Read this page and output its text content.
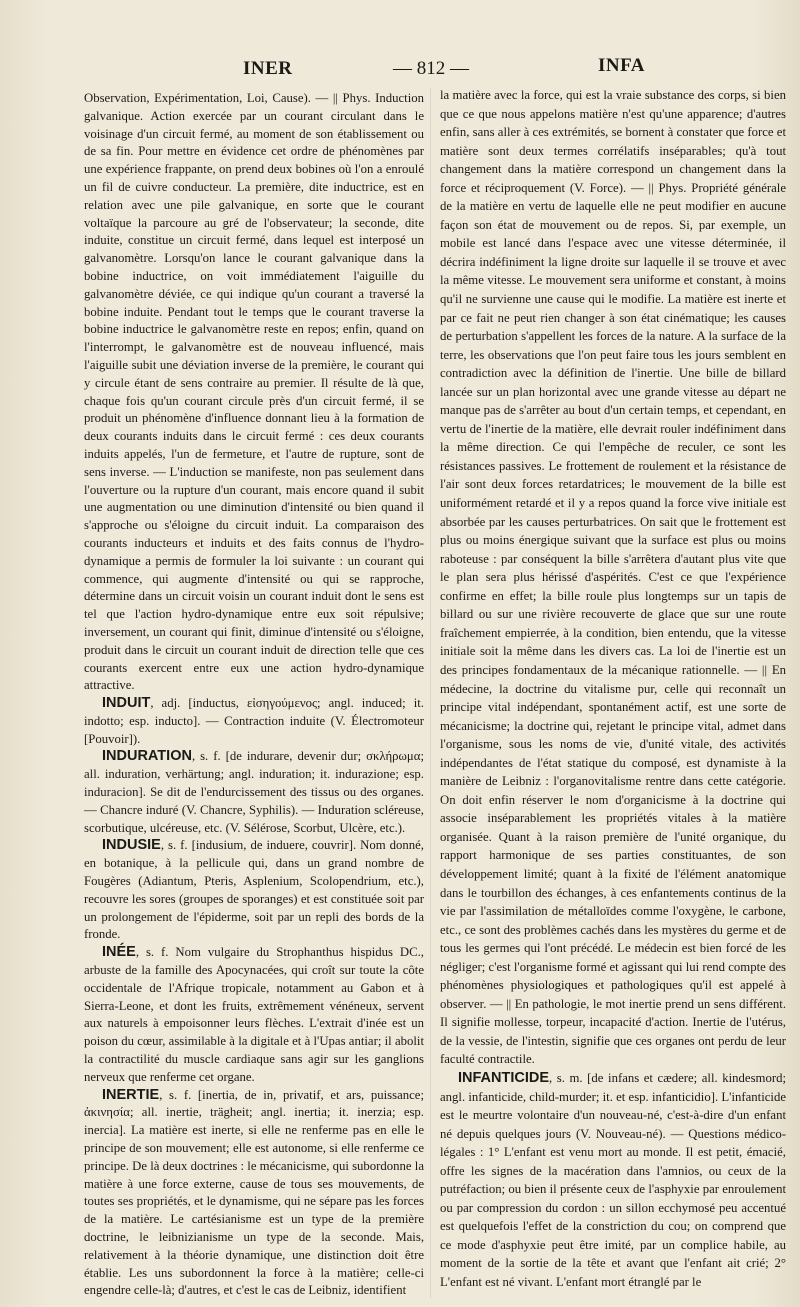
INER	— 812 —	INFA

Observation, Expérimentation, Loi, Cause). — || Phys. Induction galvanique. Action exercée par un courant circulant dans le voisinage d'un circuit fermé, au moment de son établissement ou de sa fin. Pour mettre en évidence cet ordre de phénomènes par une expérience frappante, on prend deux bobines où l'on a enroulé un fil de cuivre conducteur. La première, dite inductrice, est en relation avec une pile galvanique, en sorte que le courant voltaïque la parcoure au gré de l'observateur; la seconde, dite induite, constitue un circuit fermé, dans lequel est interposé un galvanomètre. Lorsqu'on lance le courant galvanique dans la bobine inductrice, on voit immédiatement l'aiguille du galvanomètre déviée, ce qui indique qu'un courant a traversé la bobine induite. Pendant tout le temps que le courant traverse la bobine inductrice le galvanomètre reste en repos; enfin, quand on l'interrompt, le galvanomètre est de nouveau influencé, mais l'aiguille subit une déviation inverse de la première, le courant qui y circule étant de sens contraire au premier. Il résulte de là que, chaque fois qu'un courant circule près d'un circuit fermé, il se produit un phénomène d'influence donnant lieu à la formation de deux courants induits dans le circuit fermé : ces deux courants induits appelés, l'un de fermeture, et l'autre de rupture, sont de sens inverse. — L'induction se manifeste, non pas seulement dans l'ouverture ou la rupture d'un courant, mais encore quand il subit une augmentation ou une diminution d'intensité ou bien quand il s'approche ou s'éloigne du circuit induit. La comparaison des courants inducteurs et induits et des faits connus de l'hydro-dynamique a permis de formuler la loi suivante : un courant qui commence, qui augmente d'intensité ou qui se rapproche, détermine dans un circuit voisin un courant induit dont le sens est tel que l'action hydro-dynamique entre eux soit répulsive; inversement, un courant qui finit, diminue d'intensité ou s'éloigne, produit dans le circuit un courant induit de direction telle que ces courants exercent entre eux une action hydro-dynamique attractive.

INDUIT, adj. [inductus, εἰσηγούμενος; angl. induced; it. indotto; esp. inducto]. — Contraction induite (V. Électromoteur [Pouvoir]).

INDURATION, s. f. [de indurare, devenir dur; σκλήρωμα; all. induration, verhärtung; angl. induration; it. indurazione; esp. induracion]. Se dit de l'endurcissement des tissus ou des organes. — Chancre induré (V. Chancre, Syphilis). — Induration sclérеuse, scorbutique, ulcéreuse, etc. (V. Sélérose, Scorbut, Ulcère, etc.).

INDUSIE, s. f. [indusium, de induere, couvrir]. Nom donné, en botanique, à la pellicule qui, dans un grand nombre de Fougères (Adiantum, Pteris, Asplenium, Scolopendrium, etc.), recouvre les sores (groupes de sporanges) et est constituée soit par un prolongement de l'épiderme, soit par un repli des bords de la fronde.

INÉE, s. f. Nom vulgaire du Strophanthus hispidus DC., arbuste de la famille des Apocynacées, qui croît sur toute la côte occidentale de l'Afrique tropicale, notamment au Gabon et à Sierra-Leone, et dont les fruits, extrêmement vénéneux, servent aux naturels à empoisonner leurs flèches. L'extrait d'inée est un poison du cœur, assimilable à la digitale et à l'Upas antiar; il abolit la contractilité du muscle cardiaque sans agir sur les ganglions nerveux que renferme cet organe.

INERTIE, s. f. [inertia, de in, privatif, et ars, puissance; ἀκινησία; all. inertie, trägheit; angl. inertia; it. inerzia; esp. inercia]. La matière est inerte, si elle ne renferme pas en elle le principe de son mouvement; elle est autonome, si elle renferme ce principe. De là deux doctrines : le mécanicisme, qui subordonne la matière à une force externe, cause de tous ses mouvements, de toutes ses propriétés, et le dynamisme, qui ne sépare pas les forces de la matière. Le cartésianisme est un type de la première doctrine, le leibnizianisme un type de la seconde. Mais, relativement à la théorie dynamique, une distinction doit être établie. Les uns subordonnent la force à la matière; celle-ci engendre celle-là; d'autres, et c'est le cas de Leibniz, identifient

la matière avec la force, qui est la vraie substance des corps, si bien que ce que nous appelons matière n'est qu'une apparence; d'autres enfin, sans aller à ces extrémités, se bornent à constater que force et matière sont deux termes corrélatifs inséparables; qu'à tout changement dans la matière correspond un changement dans la force et réciproquement (V. Force). — || Phys. Propriété générale de la matière en vertu de laquelle elle ne peut modifier en aucune façon son état de mouvement ou de repos. Si, par exemple, un mobile est lancé dans l'espace avec une vitesse déterminée, il décrira indéfiniment la ligne droite sur laquelle il se trouve et avec la même vitesse. Le mouvement sera uniforme et constant, à moins qu'il ne survienne une cause qui le modifie. La matière est inerte et par ce fait ne peut rien changer à son état cinématique; les causes de perturbation s'appellent les forces de la nature. A la surface de la terre, les observations que l'on peut faire tous les jours semblent en contradiction avec la définition de l'inertie. Une bille de billard lancée sur un plan horizontal avec une grande vitesse au départ ne manque pas de s'arrêter au bout d'un certain temps, et cependant, en vertu de l'inertie de la matière, elle devrait rouler indéfiniment dans la même direction. Ce qui l'empêche de reculer, ce sont les résistances passives. Le frottement de roulement et la résistance de l'air sont deux forces retardatrices; le mouvement de la bille est uniformément retardé et il y a repos quand la force vive initiale est absorbée par les causes perturbatrices. On sait que le frottement est plus ou moins énergique suivant que la surface est plus ou moins raboteuse : par conséquent la bille s'arrêtera d'autant plus vite que le plan sera plus hérissé d'aspérités. C'est ce que l'expérience confirme en effet; la bille roule plus longtemps sur un tapis de billard ou sur une rivière recouverte de glace que sur une route fraîchement empierrée, à la condition, bien entendu, que la vitesse initiale soit la même dans les divers cas. La loi de l'inertie est un des principes fondamentaux de la mécanique rationnelle. — || En médecine, la doctrine du vitalisme pur, celle qui reconnaît un principe vital indépendant, spontanément actif, est une sorte de mécanicisme; la doctrine qui, rejetant le principe vital, admet dans l'organisme, sous les noms de vie, d'unité vitale, des activités indépendantes de l'état statique du composé, est dynamiste à la manière de Leibniz : l'organovitalisme rentre dans cette catégorie. On doit enfin réserver le nom d'organicisme à la doctrine qui associe inséparablement les propriétés vitales à la matière organisée. Quant à la raison première de l'unité organique, du rapport harmonique de ses parties constituantes, de son développement limité; quant à la fixité de l'élément anatomique dans le tourbillon des échanges, à ces enfantements continus de la vie par l'assimilation de métalloïdes comme l'oxygène, le carbone, etc., ce sont des problèmes cachés dans les mystères du germe et de tous les germes qui l'ont précédé. Le médecin est bien forcé de les négliger; c'est l'organisme formé et agissant qui lui rend compte des phénomènes physiologiques et pathologiques qu'il est appelé à observer. — || En pathologie, le mot inertie prend un sens différent. Il signifie mollesse, torpeur, incapacité d'action. Inertie de l'utérus, de la vessie, de l'intestin, signifie que ces organes ont perdu de leur faculté contractile.

INFANTICIDE, s. m. [de infans et cædere; all. kindesmord; angl. infanticide, child-murder; it. et esp. infanticidio]. L'infanticide est le meurtre volontaire d'un nouveau-né, c'est-à-dire d'un enfant né depuis quelques jours (V. Nouveau-né). — Questions médico-légales : 1° L'enfant est venu mort au monde. Il est petit, émacié, offre les signes de la macération dans l'amnios, ou ceux de la putréfaction; ou bien il présente ceux de l'asphyxie par enroulement ou par compression du cordon : un sillon ecchymosé peu accentué est quelquefois l'effet de la constriction du cou; on comprend que ce mode d'asphyxie peut être imité, par un complice habile, au moment de la sortie de la tête et avant que l'enfant ait crié; 2° L'enfant est né vivant. L'enfant mort étranglé par le
